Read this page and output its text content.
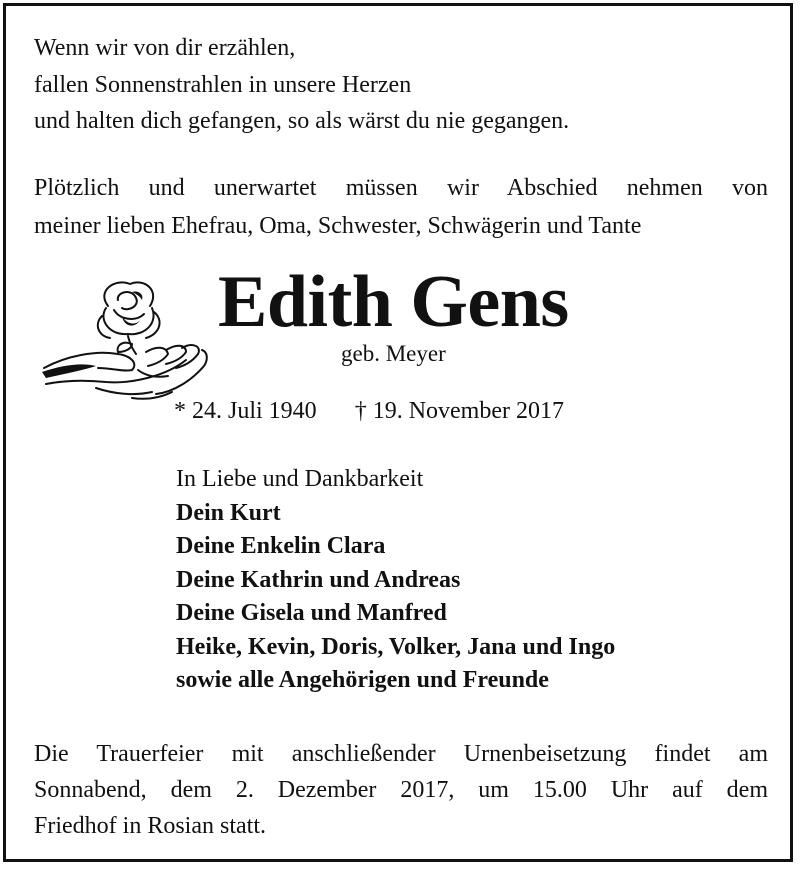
Wenn wir von dir erzählen,
fallen Sonnenstrahlen in unsere Herzen
und halten dich gefangen, so als wärst du nie gegangen.
Plötzlich und unerwartet müssen wir Abschied nehmen von
meiner lieben Ehefrau, Oma, Schwester, Schwägerin und Tante
Edith Gens
geb. Meyer
* 24. Juli 1940 † 19. November 2017
In Liebe und Dankbarkeit
Dein Kurt
Deine Enkelin Clara
Deine Kathrin und Andreas
Deine Gisela und Manfred
Heike, Kevin, Doris, Volker, Jana und Ingo
sowie alle Angehörigen und Freunde
Die Trauerfeier mit anschließender Urnenbeisetzung findet am
Sonnabend, dem 2. Dezember 2017, um 15.00 Uhr auf dem
Friedhof in Rosian statt.
